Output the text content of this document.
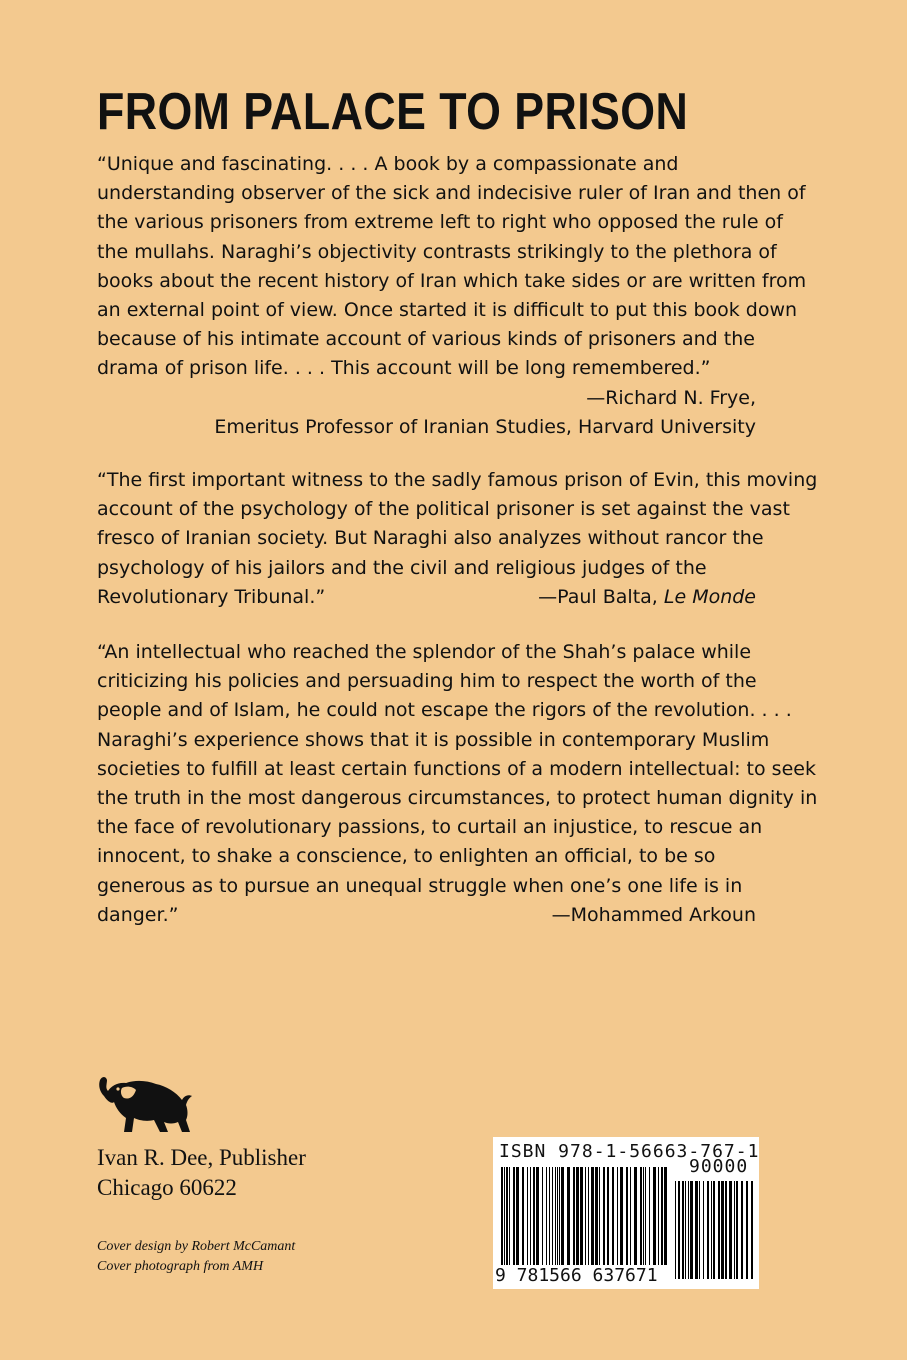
FROM PALACE TO PRISON
“Unique and fascinating. . . . A book by a compassionate and
understanding observer of the sick and indecisive ruler of Iran and then of
the various prisoners from extreme left to right who opposed the rule of
the mullahs. Naraghi’s objectivity contrasts strikingly to the plethora of
books about the recent history of Iran which take sides or are written from
an external point of view. Once started it is difficult to put this book down
because of his intimate account of various kinds of prisoners and the
drama of prison life. . . . This account will be long remembered.”
—Richard N. Frye,
Emeritus Professor of Iranian Studies, Harvard University
“The first important witness to the sadly famous prison of Evin, this moving
account of the psychology of the political prisoner is set against the vast
fresco of Iranian society. But Naraghi also analyzes without rancor the
psychology of his jailors and the civil and religious judges of the
Revolutionary Tribunal.”	—Paul Balta, Le Monde
“An intellectual who reached the splendor of the Shah’s palace while
criticizing his policies and persuading him to respect the worth of the
people and of Islam, he could not escape the rigors of the revolution. . . .
Naraghi’s experience shows that it is possible in contemporary Muslim
societies to fulfill at least certain functions of a modern intellectual: to seek
the truth in the most dangerous circumstances, to protect human dignity in
the face of revolutionary passions, to curtail an injustice, to rescue an
innocent, to shake a conscience, to enlighten an official, to be so
generous as to pursue an unequal struggle when one’s one life is in
danger.”	—Mohammed Arkoun
Ivan R. Dee, Publisher
Chicago 60622
Cover design by Robert McCamant
Cover photograph from AMH
ISBN 978-1-56663-767-1
90000
9 781566 637671
